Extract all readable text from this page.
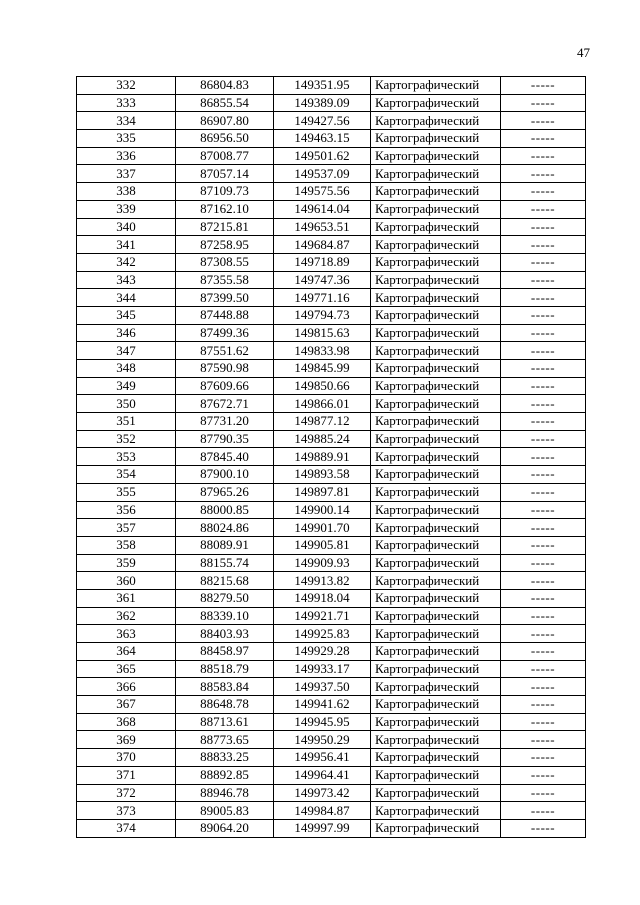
47
332	86804.83	149351.95	Картографический	-----
333	86855.54	149389.09	Картографический	-----
334	86907.80	149427.56	Картографический	-----
335	86956.50	149463.15	Картографический	-----
336	87008.77	149501.62	Картографический	-----
337	87057.14	149537.09	Картографический	-----
338	87109.73	149575.56	Картографический	-----
339	87162.10	149614.04	Картографический	-----
340	87215.81	149653.51	Картографический	-----
341	87258.95	149684.87	Картографический	-----
342	87308.55	149718.89	Картографический	-----
343	87355.58	149747.36	Картографический	-----
344	87399.50	149771.16	Картографический	-----
345	87448.88	149794.73	Картографический	-----
346	87499.36	149815.63	Картографический	-----
347	87551.62	149833.98	Картографический	-----
348	87590.98	149845.99	Картографический	-----
349	87609.66	149850.66	Картографический	-----
350	87672.71	149866.01	Картографический	-----
351	87731.20	149877.12	Картографический	-----
352	87790.35	149885.24	Картографический	-----
353	87845.40	149889.91	Картографический	-----
354	87900.10	149893.58	Картографический	-----
355	87965.26	149897.81	Картографический	-----
356	88000.85	149900.14	Картографический	-----
357	88024.86	149901.70	Картографический	-----
358	88089.91	149905.81	Картографический	-----
359	88155.74	149909.93	Картографический	-----
360	88215.68	149913.82	Картографический	-----
361	88279.50	149918.04	Картографический	-----
362	88339.10	149921.71	Картографический	-----
363	88403.93	149925.83	Картографический	-----
364	88458.97	149929.28	Картографический	-----
365	88518.79	149933.17	Картографический	-----
366	88583.84	149937.50	Картографический	-----
367	88648.78	149941.62	Картографический	-----
368	88713.61	149945.95	Картографический	-----
369	88773.65	149950.29	Картографический	-----
370	88833.25	149956.41	Картографический	-----
371	88892.85	149964.41	Картографический	-----
372	88946.78	149973.42	Картографический	-----
373	89005.83	149984.87	Картографический	-----
374	89064.20	149997.99	Картографический	-----
